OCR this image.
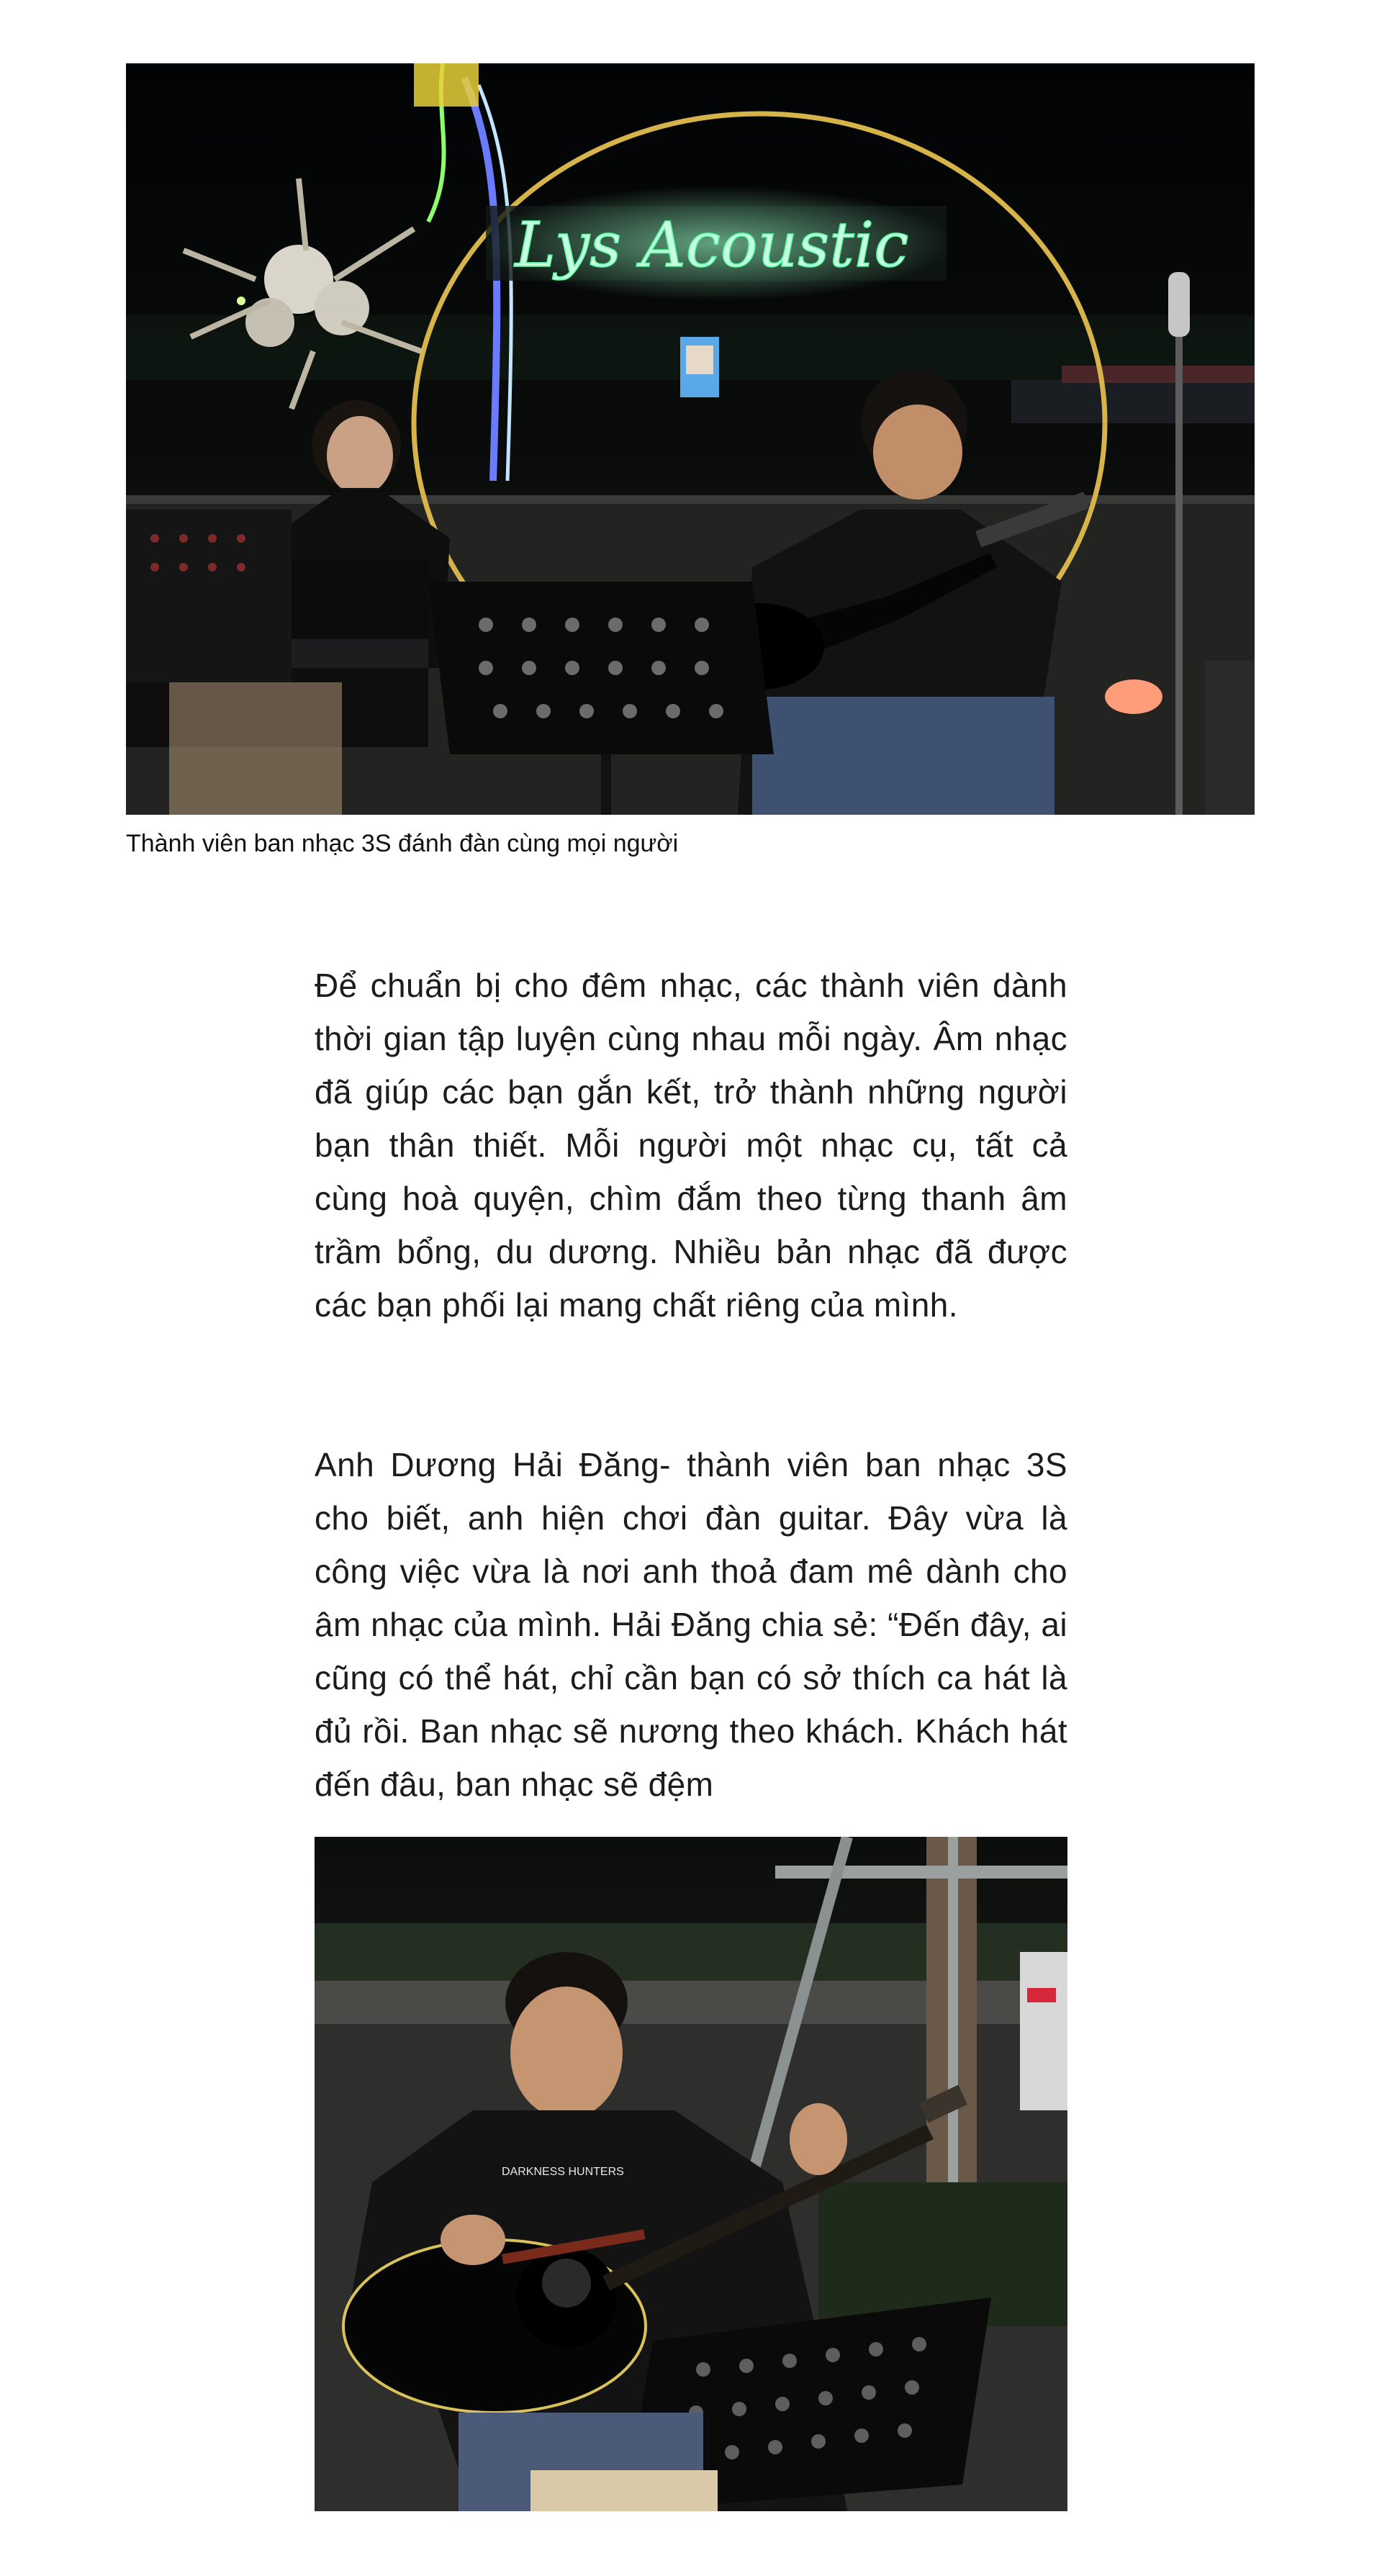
Lys Acoustic
Thành viên ban nhạc 3S đánh đàn cùng mọi người

Để chuẩn bị cho đêm nhạc, các thành viên dành thời gian tập luyện cùng nhau mỗi ngày. Âm nhạc đã giúp các bạn gắn kết, trở thành những người bạn thân thiết. Mỗi người một nhạc cụ, tất cả cùng hoà quyện, chìm đắm theo từng thanh âm trầm bổng, du dương. Nhiều bản nhạc đã được các bạn phối lại mang chất riêng của mình.

Anh Dương Hải Đăng- thành viên ban nhạc 3S cho biết, anh hiện chơi đàn guitar. Đây vừa là công việc vừa là nơi anh thoả đam mê dành cho âm nhạc của mình. Hải Đăng chia sẻ: “Đến đây, ai cũng có thể hát, chỉ cần bạn có sở thích ca hát là đủ rồi. Ban nhạc sẽ nương theo khách. Khách hát đến đâu, ban nhạc sẽ đệm

DARKNESS HUNTERS
